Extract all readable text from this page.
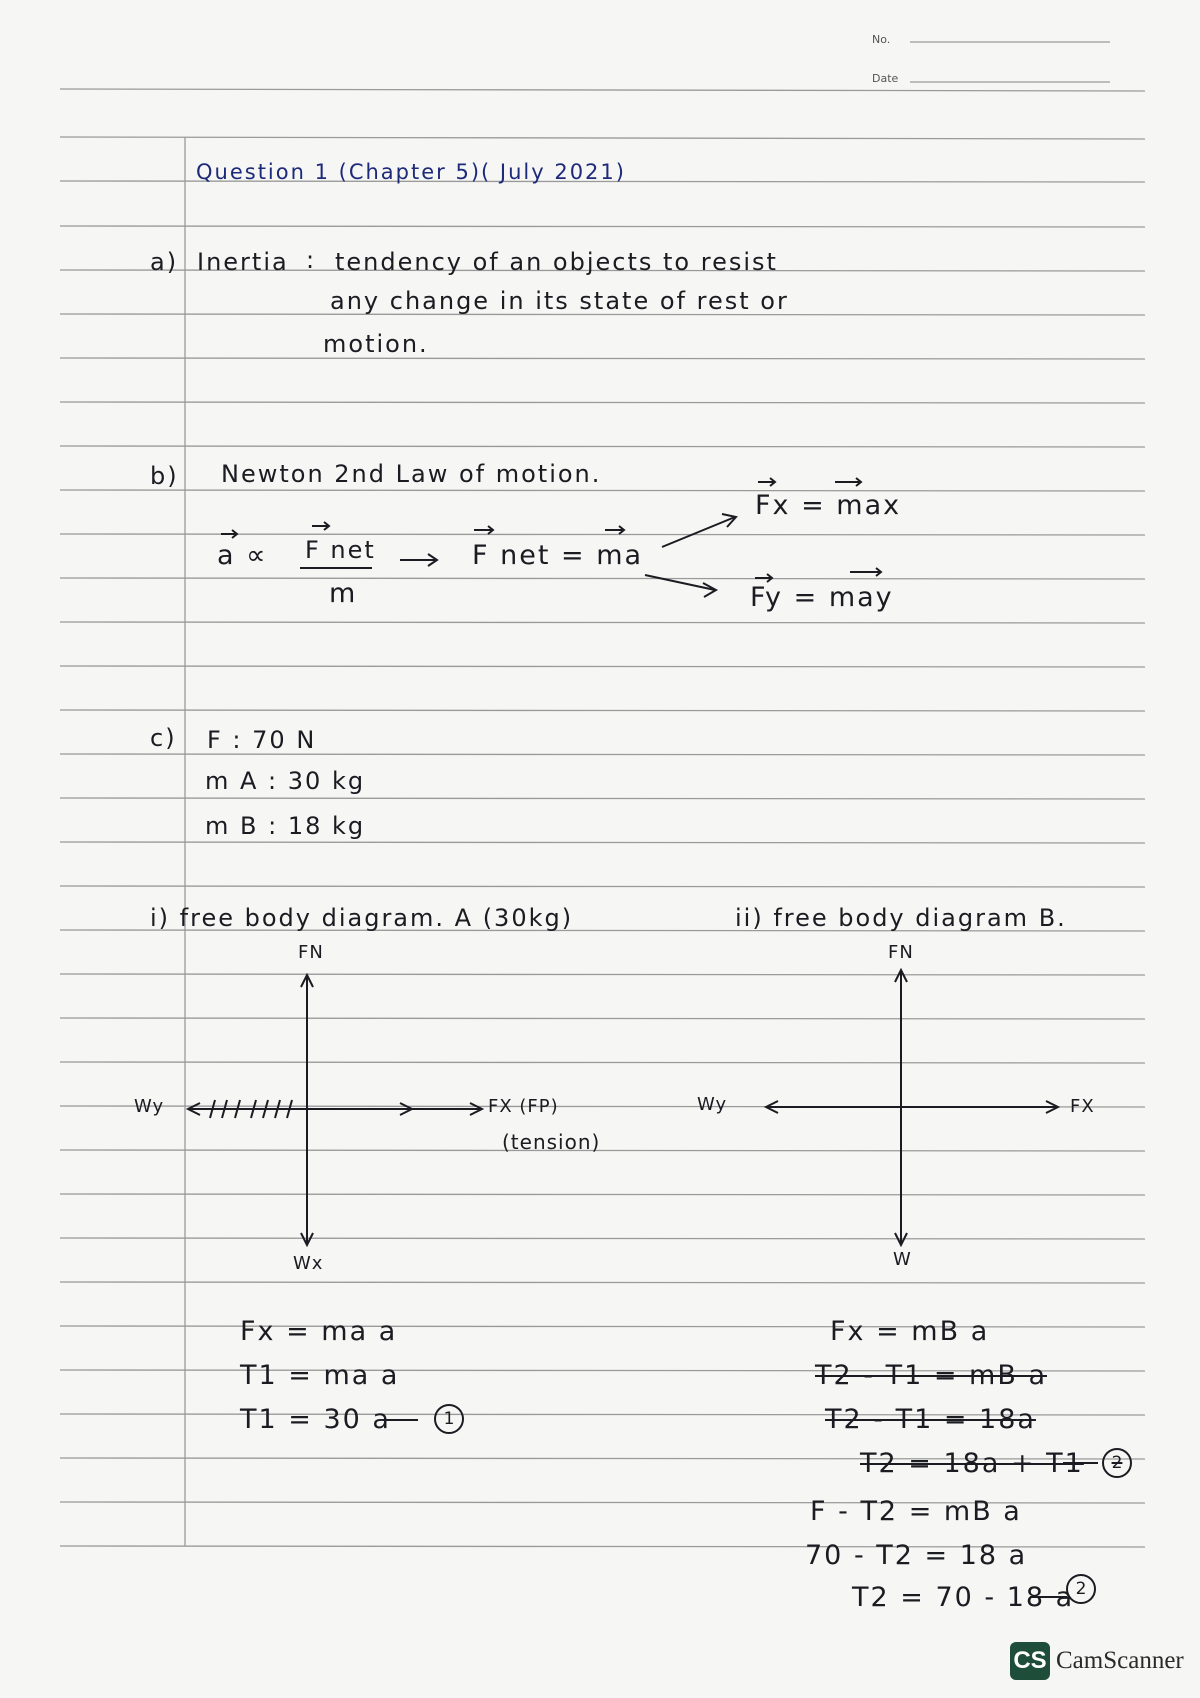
No.
Date
Question 1 (Chapter 5)( July 2021)
a) Inertia : tendency of an objects to resist
any change in its state of rest or
motion.
b) Newton 2nd Law of motion.
a ∝ F net
m
F net = ma
Fx = max
Fy = may
c) F : 70 N
m A : 30 kg
m B : 18 kg
i) free body diagram. A (30kg)
FN
Wx
Wy	FX (FP)
(tension)
ii) free body diagram B.
FN
W
Wy	FX
Fx = ma a
T1 = ma a
T1 = 30 a	1
Fx = mB a
T2 - T1 = mB a
T2 - T1 = 18a
T2 = 18a + T1	2
F - T2 = mB a
70 - T2 = 18 a
T2 = 70 - 18 a 2
CS CamScanner
